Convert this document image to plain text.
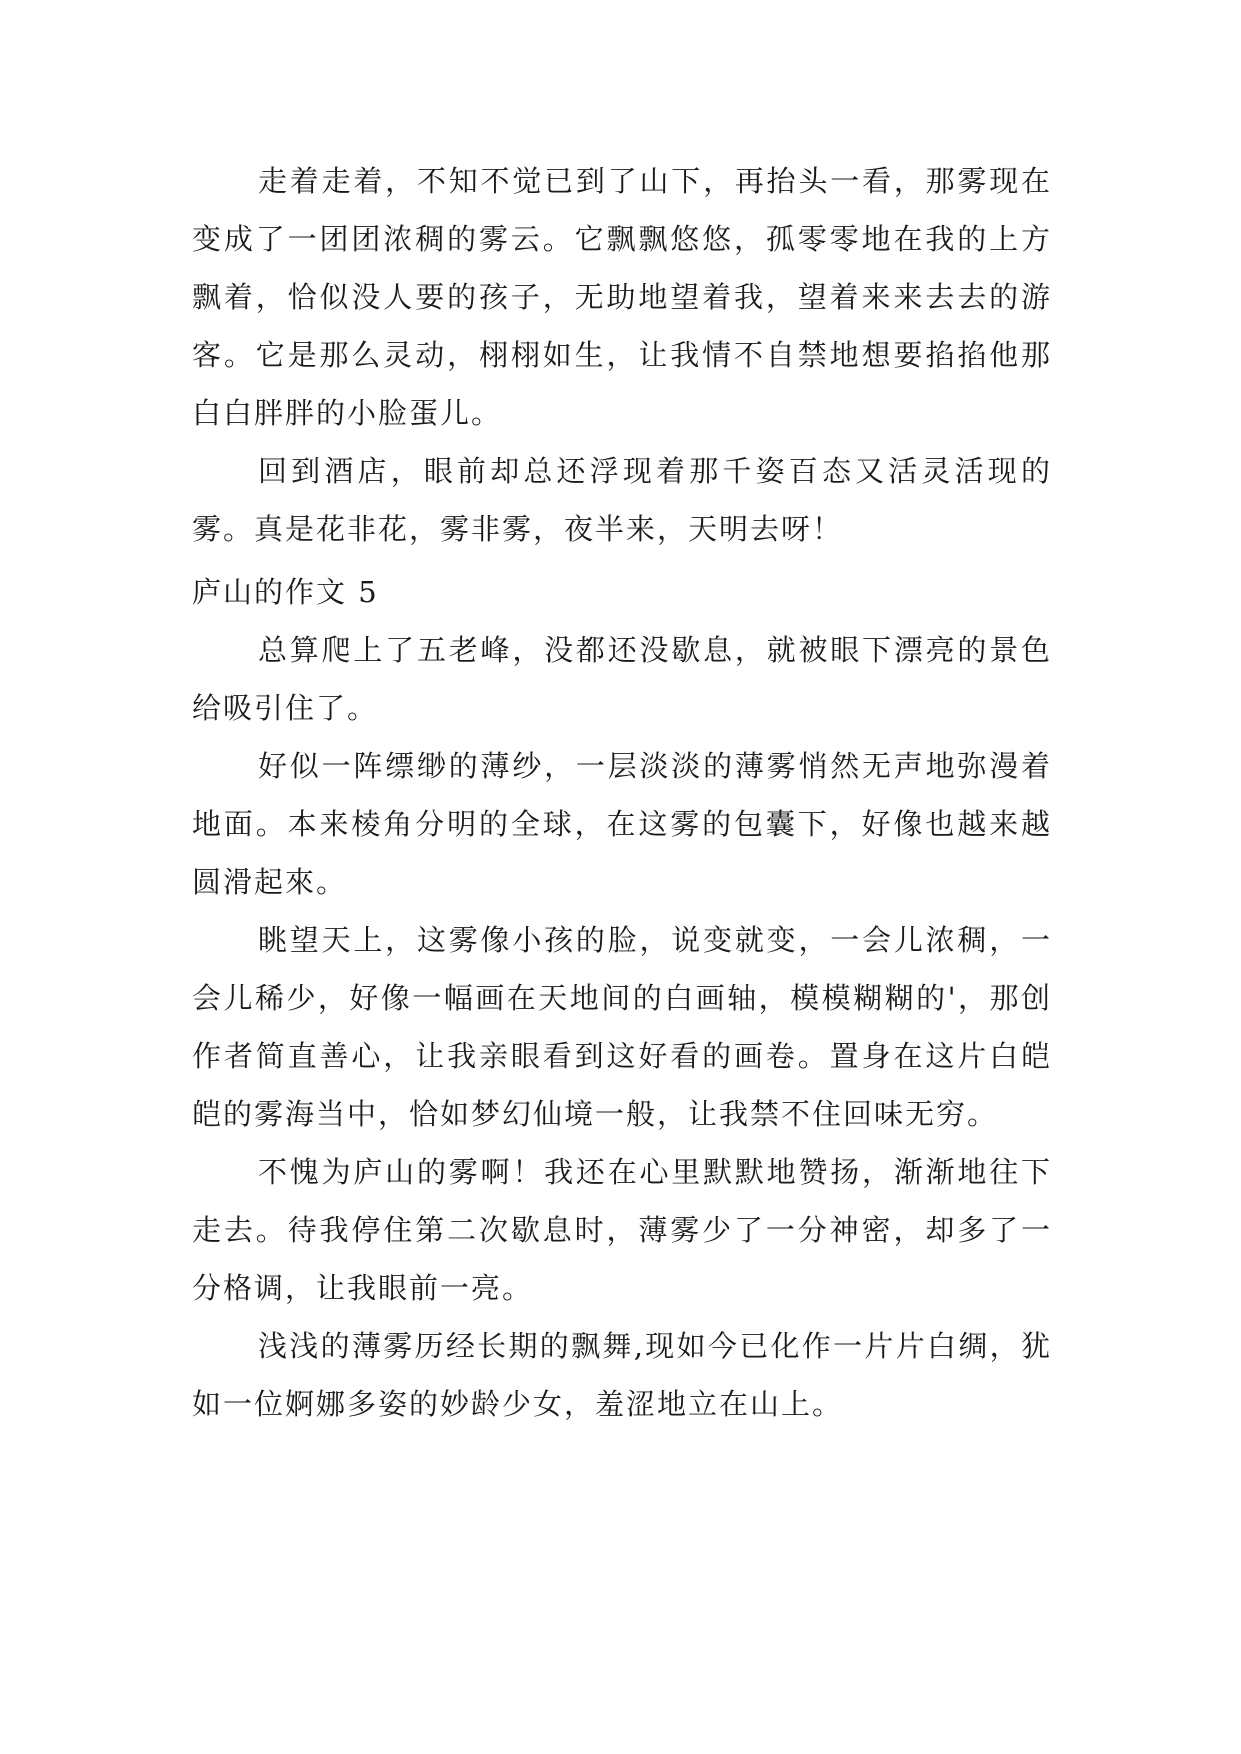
走着走着，不知不觉已到了山下，再抬头一看，那雾现在变成了一团团浓稠的雾云。它飘飘悠悠，孤零零地在我的上方飘着，恰似没人要的孩子，无助地望着我，望着来来去去的游客。它是那么灵动，栩栩如生，让我情不自禁地想要掐掐他那白白胖胖的小脸蛋儿。

回到酒店，眼前却总还浮现着那千姿百态又活灵活现的雾。真是花非花，雾非雾，夜半来，天明去呀！

庐山的作文 5

总算爬上了五老峰，没都还没歇息，就被眼下漂亮的景色给吸引住了。

好似一阵缥缈的薄纱，一层淡淡的薄雾悄然无声地弥漫着地面。本来棱角分明的全球，在这雾的包囊下，好像也越来越圆滑起來。

眺望天上，这雾像小孩的脸，说变就变，一会儿浓稠，一会儿稀少，好像一幅画在天地间的白画轴，模模糊糊的'，那创作者简直善心，让我亲眼看到这好看的画卷。置身在这片白皑皑的雾海当中，恰如梦幻仙境一般，让我禁不住回味无穷。

不愧为庐山的雾啊！我还在心里默默地赞扬，渐渐地往下走去。待我停住第二次歇息时，薄雾少了一分神密，却多了一分格调，让我眼前一亮。

浅浅的薄雾历经长期的飘舞,现如今已化作一片片白绸，犹如一位婀娜多姿的妙龄少女，羞涩地立在山上。
